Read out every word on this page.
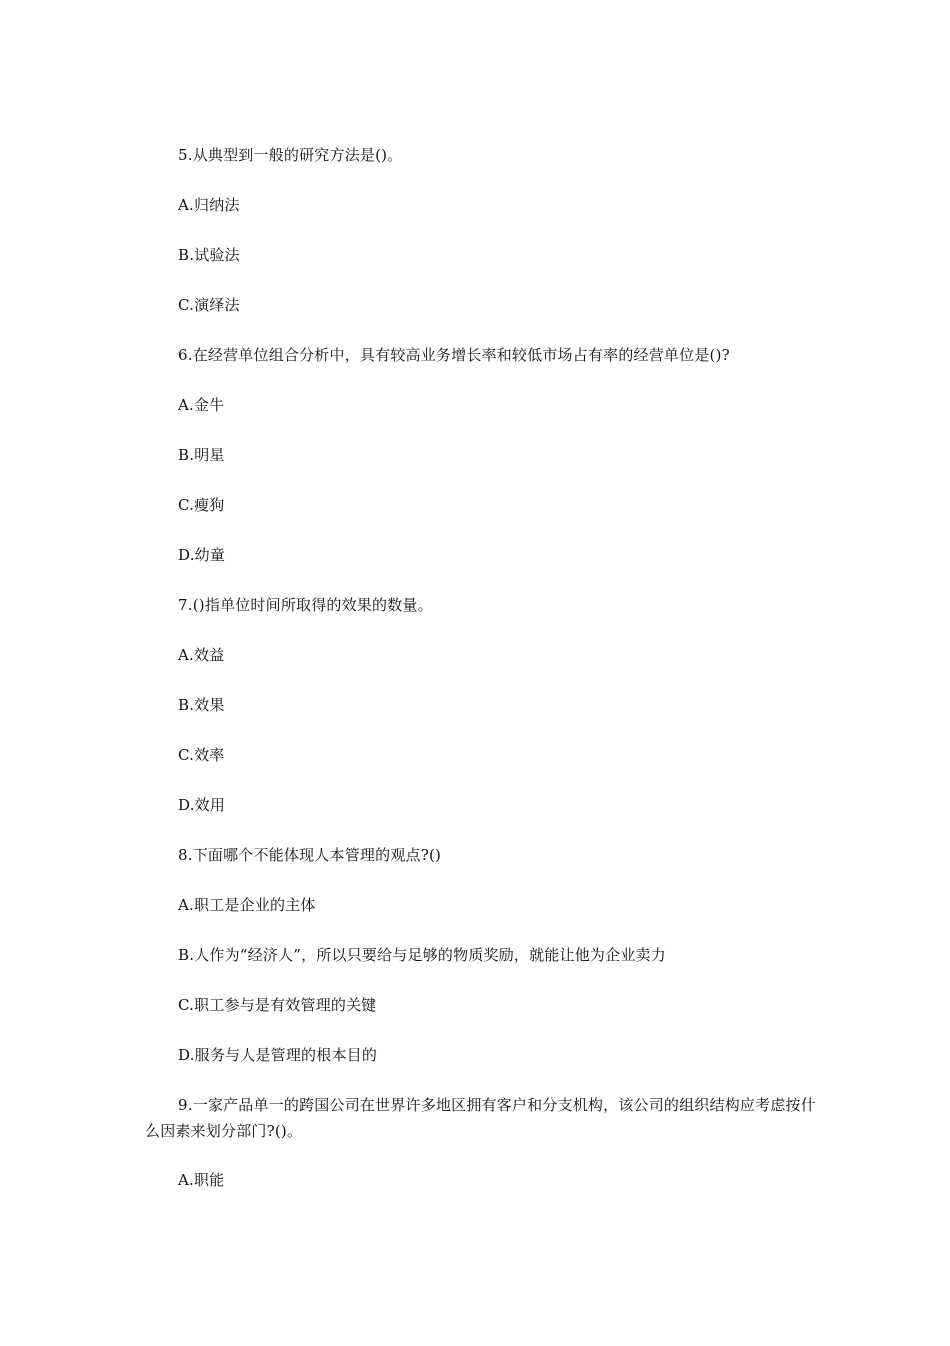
5.从典型到一般的研究方法是()。
A.归纳法
B.试验法
C.演绎法
6.在经营单位组合分析中，具有较高业务增长率和较低市场占有率的经营单位是()?
A.金牛
B.明星
C.瘦狗
D.幼童
7.()指单位时间所取得的效果的数量。
A.效益
B.效果
C.效率
D.效用
8.下面哪个不能体现人本管理的观点?()
A.职工是企业的主体
B.人作为“经济人”，所以只要给与足够的物质奖励，就能让他为企业卖力
C.职工参与是有效管理的关键
D.服务与人是管理的根本目的
9.一家产品单一的跨国公司在世界许多地区拥有客户和分支机构，该公司的组织结构应考虑按什么因素来划分部门?()。
A.职能
